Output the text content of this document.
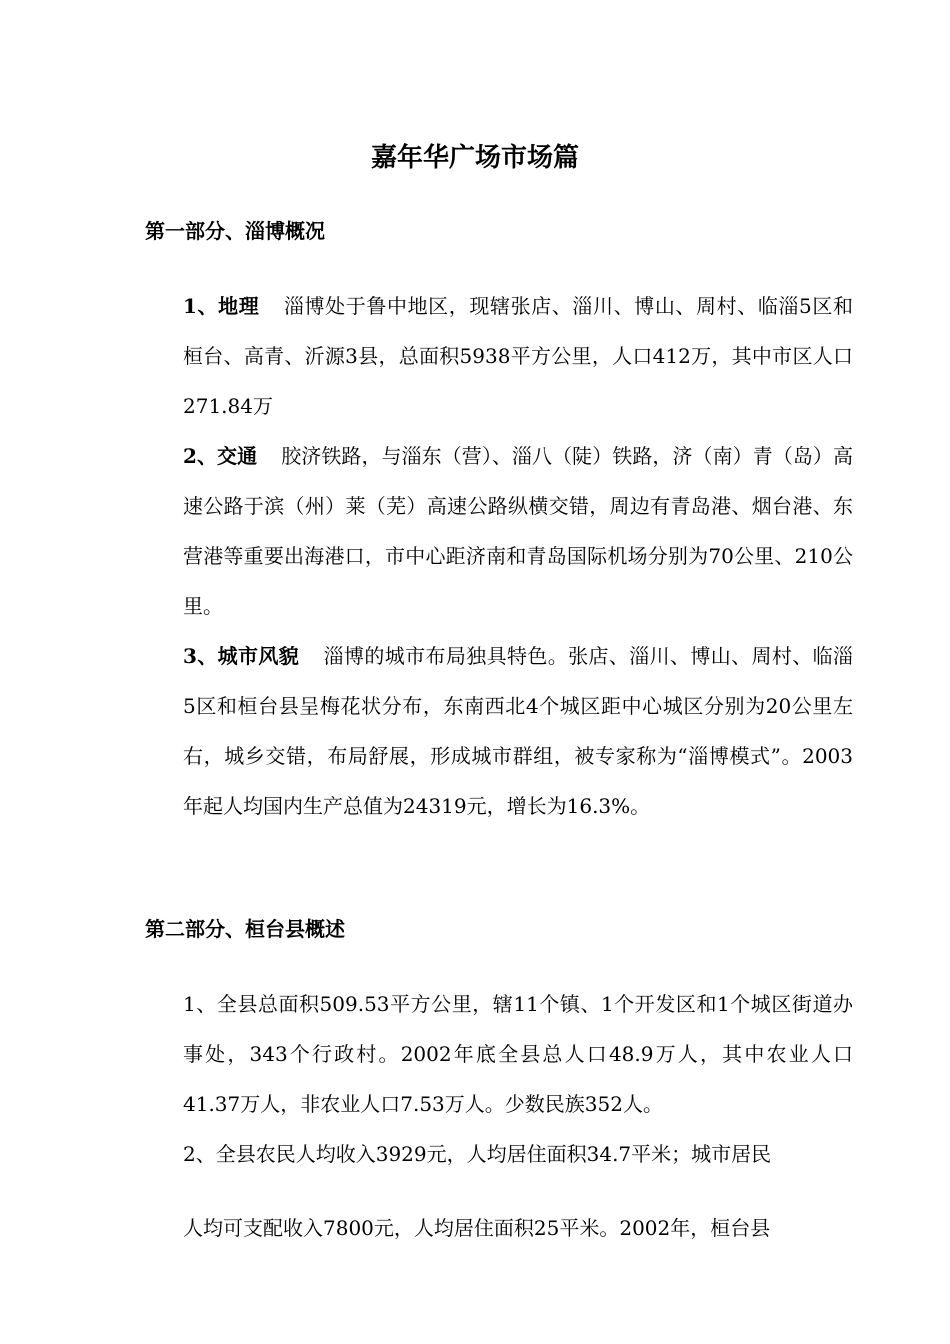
嘉年华广场市场篇
第一部分、淄博概况
1、地理 淄博处于鲁中地区，现辖张店、淄川、博山、周村、临淄5区和桓台、高青、沂源3县，总面积5938平方公里，人口412万，其中市区人口271.84万
2、交通 胶济铁路，与淄东（营）、淄八（陡）铁路，济（南）青（岛）高速公路于滨（州）莱（芜）高速公路纵横交错，周边有青岛港、烟台港、东营港等重要出海港口，市中心距济南和青岛国际机场分别为70公里、210公里。
3、城市风貌 淄博的城市布局独具特色。张店、淄川、博山、周村、临淄5区和桓台县呈梅花状分布，东南西北4个城区距中心城区分别为20公里左右，城乡交错，布局舒展，形成城市群组，被专家称为“淄博模式”。2003年起人均国内生产总值为24319元，增长为16.3%。
第二部分、桓台县概述
1、全县总面积509.53平方公里，辖11个镇、1个开发区和1个城区街道办事处，343个行政村。2002年底全县总人口48.9万人，其中农业人口41.37万人，非农业人口7.53万人。少数民族352人。
2、全县农民人均收入3929元，人均居住面积34.7平米；城市居民
人均可支配收入7800元，人均居住面积25平米。2002年，桓台县
